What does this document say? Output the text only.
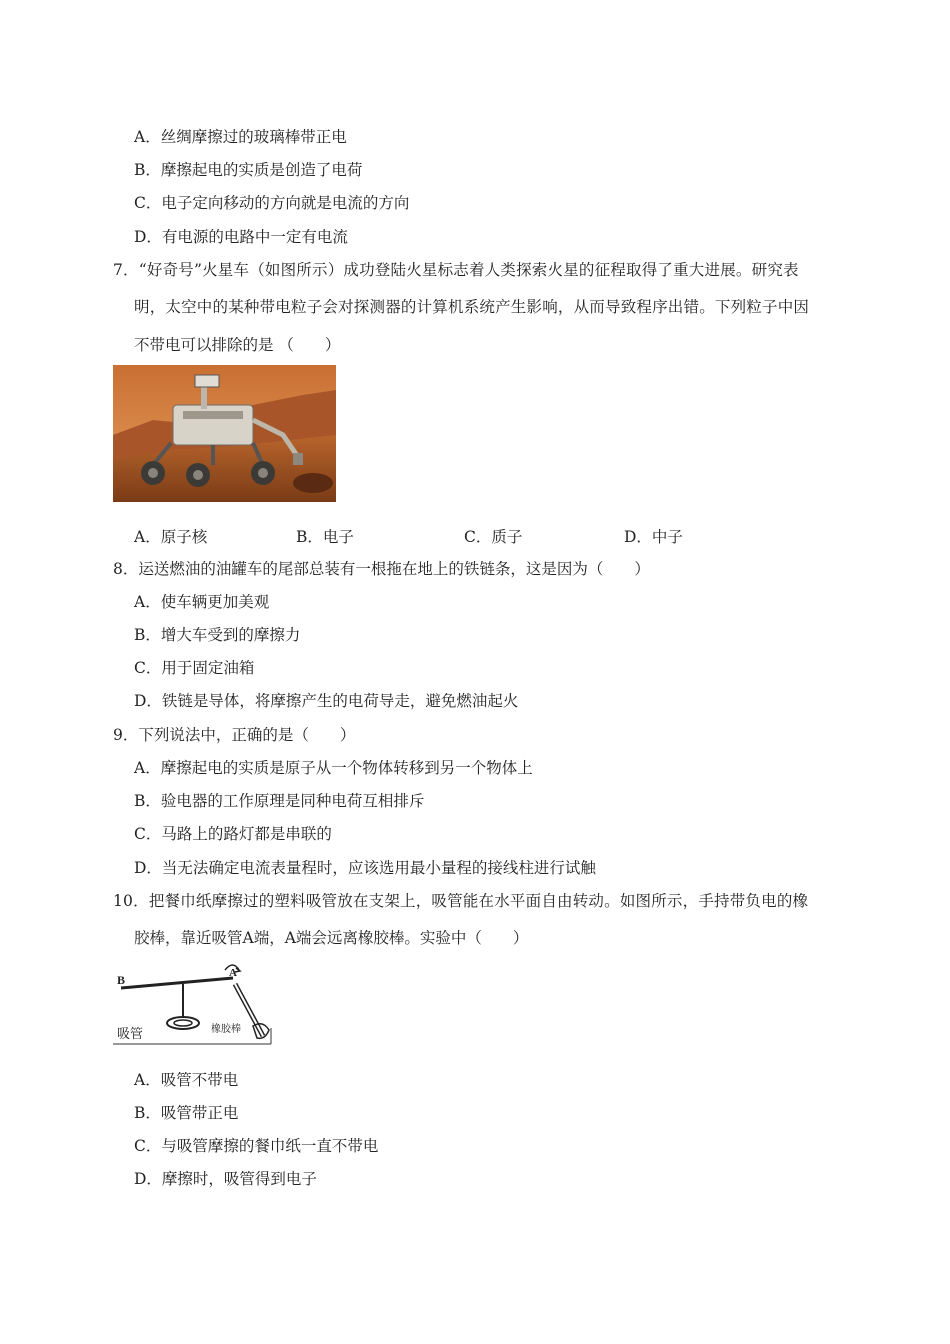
A．丝绸摩擦过的玻璃棒带正电
B．摩擦起电的实质是创造了电荷
C．电子定向移动的方向就是电流的方向
D．有电源的电路中一定有电流
7．“好奇号”火星车（如图所示）成功登陆火星标志着人类探索火星的征程取得了重大进展。研究表
明，太空中的某种带电粒子会对探测器的计算机系统产生影响，从而导致程序出错。下列粒子中因
不带电可以排除的是 （　　）
A．原子核	B．电子	C．质子	D．中子
8．运送燃油的油罐车的尾部总装有一根拖在地上的铁链条，这是因为（　　）
A．使车辆更加美观
B．增大车受到的摩擦力
C．用于固定油箱
D．铁链是导体，将摩擦产生的电荷导走，避免燃油起火
9．下列说法中，正确的是（　　）
A．摩擦起电的实质是原子从一个物体转移到另一个物体上
B．验电器的工作原理是同种电荷互相排斥
C．马路上的路灯都是串联的
D．当无法确定电流表量程时，应该选用最小量程的接线柱进行试触
10．把餐巾纸摩擦过的塑料吸管放在支架上，吸管能在水平面自由转动。如图所示，手持带负电的橡
胶棒，靠近吸管A端，A端会远离橡胶棒。实验中（　　）
B	A
吸管	橡胶棒
A．吸管不带电
B．吸管带正电
C．与吸管摩擦的餐巾纸一直不带电
D．摩擦时，吸管得到电子
